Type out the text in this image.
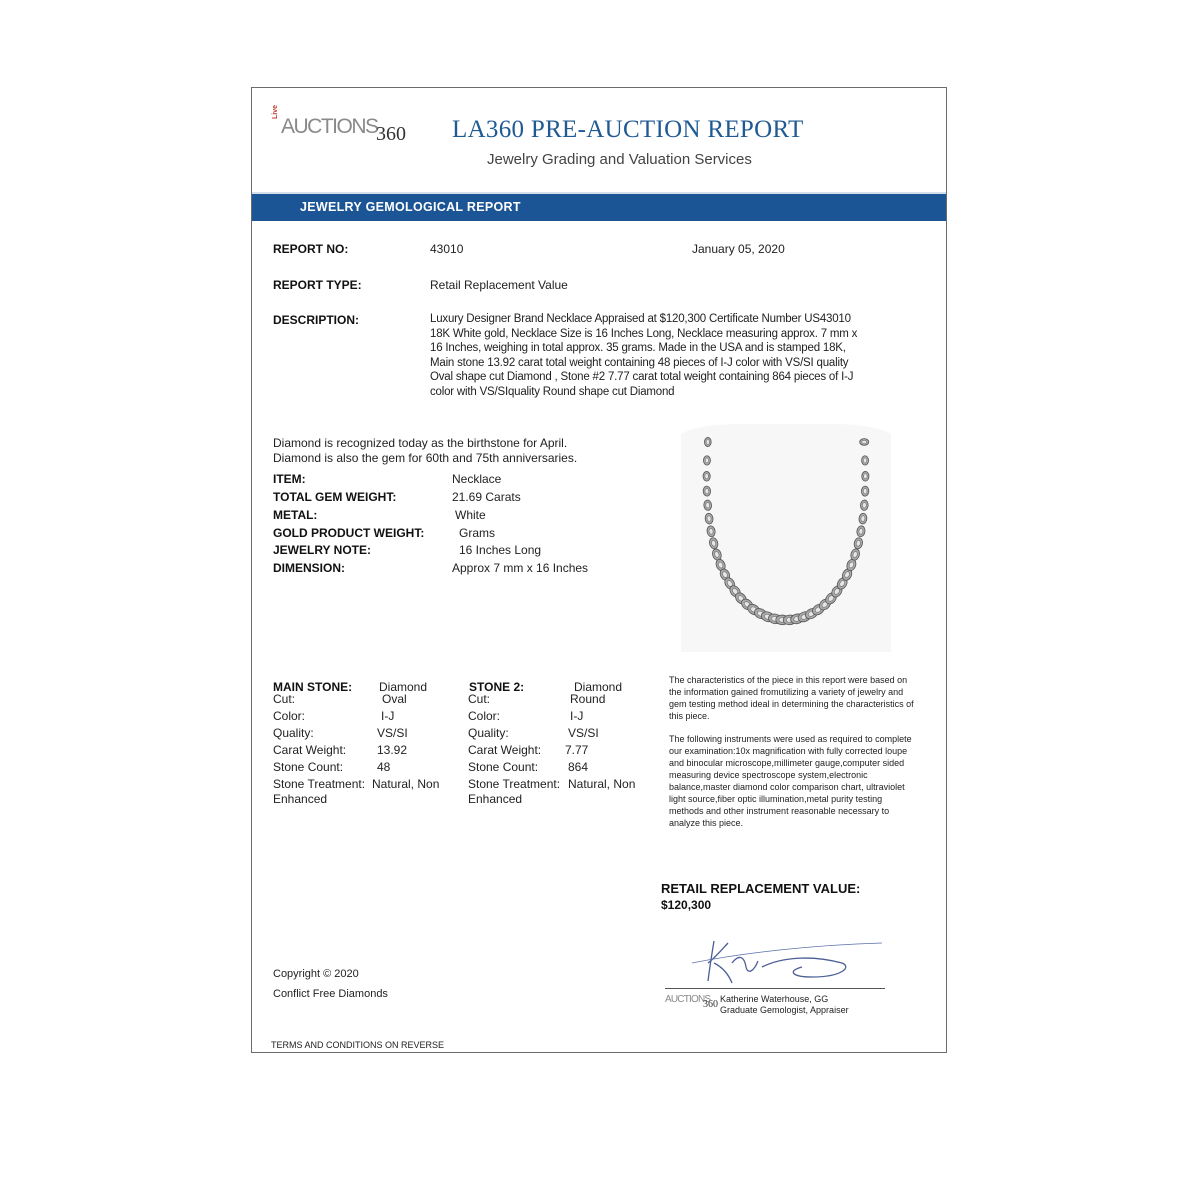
Live
AUCTIONS
360 LA360 PRE-AUCTION REPORT
Jewelry Grading and Valuation Services
JEWELRY GEMOLOGICAL REPORT
REPORT NO:	43010	January 05, 2020
REPORT TYPE:	Retail Replacement Value
DESCRIPTION:	Luxury Designer Brand Necklace Appraised at $120,300 Certificate Number US43010
18K White gold, Necklace Size is 16 Inches Long, Necklace measuring approx. 7 mm x
16 Inches, weighing in total approx. 35 grams. Made in the USA and is stamped 18K,
Main stone 13.92 carat total weight containing 48 pieces of I-J color with VS/SI quality
Oval shape cut Diamond , Stone #2 7.77 carat total weight containing 864 pieces of I-J
color with VS/SIquality Round shape cut Diamond
Diamond is recognized today as the birthstone for April.
Diamond is also the gem for 60th and 75th anniversaries.
ITEM:	Necklace
TOTAL GEM WEIGHT:	21.69 Carats
METAL:	White
GOLD PRODUCT WEIGHT:	Grams
JEWELRY NOTE:	16 Inches Long
DIMENSION:	Approx 7 mm x 16 Inches
MAIN STONE: Diamond
Cut:	Oval
Color:	I-J
Quality:	VS/SI
Carat Weight:	13.92
Stone Count:	48
Stone Treatment: Natural, Non
Enhanced
STONE 2:	Diamond
Cut:	Round
Color:	I-J
Quality:	VS/SI
Carat Weight: 7.77
Stone Count: 864
Stone Treatment: Natural, Non
Enhanced

The characteristics of the piece in this report were based on the information gained fromutilizing a variety of jewelry and gem testing method ideal in determining the characteristics of this piece.

The following instruments were used as required to complete our examination:10x magnification with fully corrected loupe and binocular microscope,millimeter gauge,computer sided measuring device spectroscope system,electronic balance,master diamond color comparison chart, ultraviolet light source,fiber optic illumination,metal purity testing methods and other instrument reasonable necessary to analyze this piece.

RETAIL REPLACEMENT VALUE:
$120,300
AUCTIONS
360 Katherine Waterhouse, GG
Graduate Gemologist, Appraiser
Copyright © 2020
Conflict Free Diamonds
TERMS AND CONDITIONS ON REVERSE
